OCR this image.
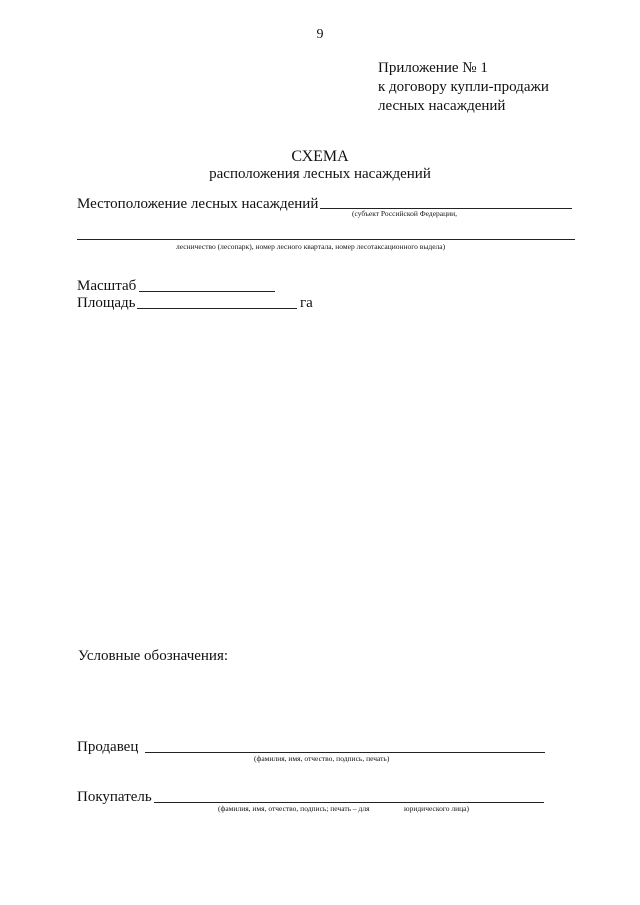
9
Приложение № 1
к договору купли-продажи
лесных насаждений
СХЕМА
расположения лесных насаждений
Местоположение лесных насаждений
(субъект Российской Федерации,
лесничество (лесопарк), номер лесного квартала, номер лесотаксационного выдела)
Масштаб
Площадь	га
Условные обозначения:
Продавец
(фамилия, имя, отчество, подпись, печать)
Покупатель
(фамилия, имя, отчество, подпись; печать – для	юридического лица)
